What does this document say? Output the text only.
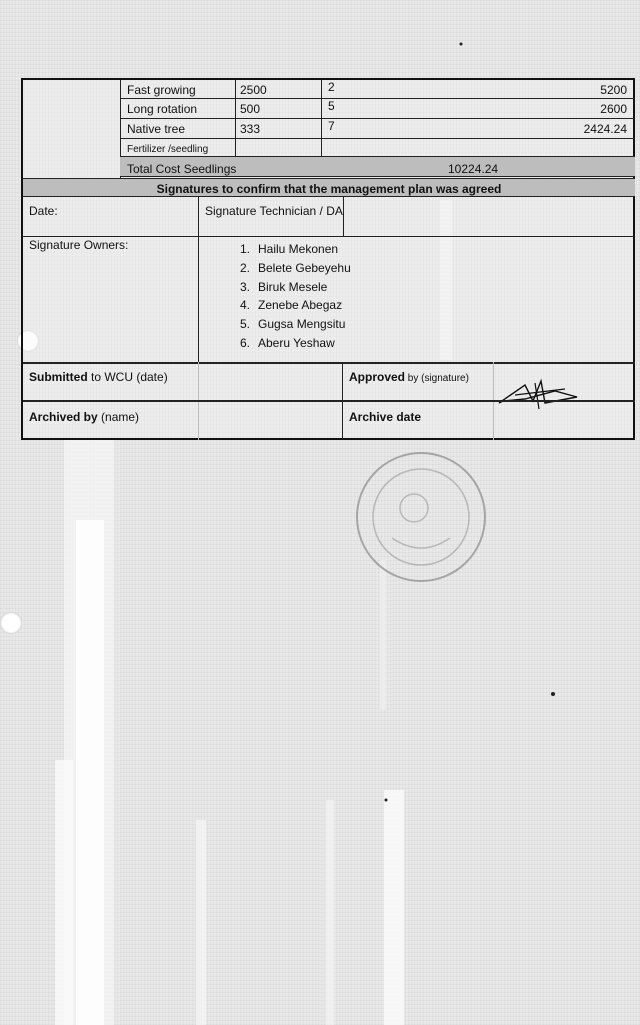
Fast growing	2500	2	5200
Long rotation	500	5	2600
Native tree	333	7	2424.24
Fertilizer /seedling
Total Cost Seedlings	10224.24
Signatures to confirm that the management plan was agreed
Date:	Signature Technician / DA
Signature Owners:	1. Hailu Mekonen
2. Belete Gebeyehu
3. Biruk Mesele
4. Zenebe Abegaz
5. Gugsa Mengsitu
6. Aberu Yeshaw
Submitted to WCU (date)	Approved by (signature)
Archived by (name)	Archive date
